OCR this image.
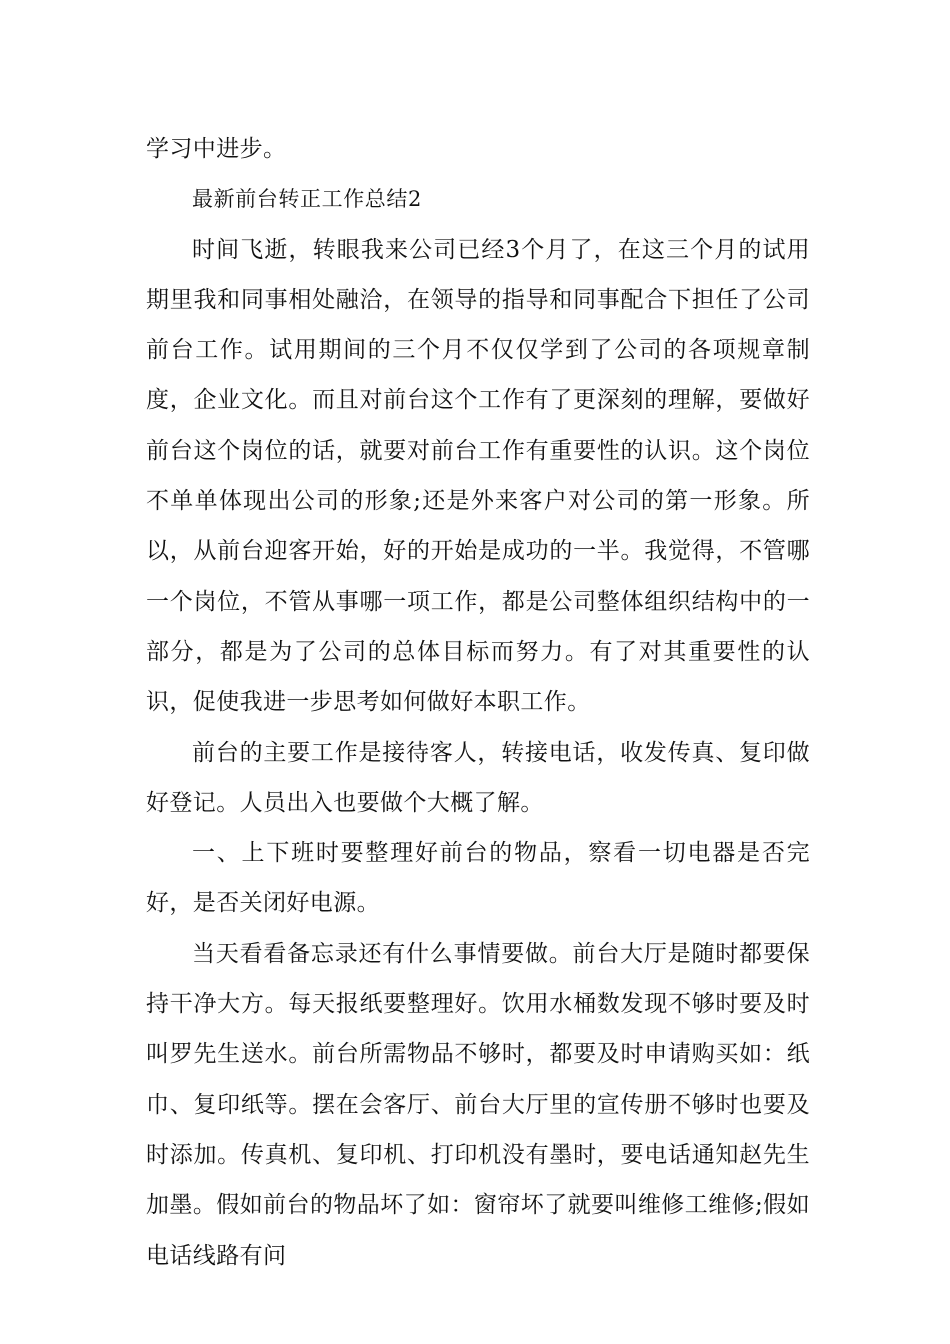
学习中进步。

最新前台转正工作总结2

时间飞逝，转眼我来公司已经3个月了，在这三个月的试用期里我和同事相处融洽，在领导的指导和同事配合下担任了公司前台工作。试用期间的三个月不仅仅学到了公司的各项规章制度，企业文化。而且对前台这个工作有了更深刻的理解，要做好前台这个岗位的话，就要对前台工作有重要性的认识。这个岗位不单单体现出公司的形象;还是外来客户对公司的第一形象。所以，从前台迎客开始，好的开始是成功的一半。我觉得，不管哪一个岗位，不管从事哪一项工作，都是公司整体组织结构中的一部分，都是为了公司的总体目标而努力。有了对其重要性的认识，促使我进一步思考如何做好本职工作。

前台的主要工作是接待客人，转接电话，收发传真、复印做好登记。人员出入也要做个大概了解。

一、上下班时要整理好前台的物品，察看一切电器是否完好，是否关闭好电源。

当天看看备忘录还有什么事情要做。前台大厅是随时都要保持干净大方。每天报纸要整理好。饮用水桶数发现不够时要及时叫罗先生送水。前台所需物品不够时，都要及时申请购买如：纸巾、复印纸等。摆在会客厅、前台大厅里的宣传册不够时也要及时添加。传真机、复印机、打印机没有墨时，要电话通知赵先生加墨。假如前台的物品坏了如：窗帘坏了就要叫维修工维修;假如电话线路有问
